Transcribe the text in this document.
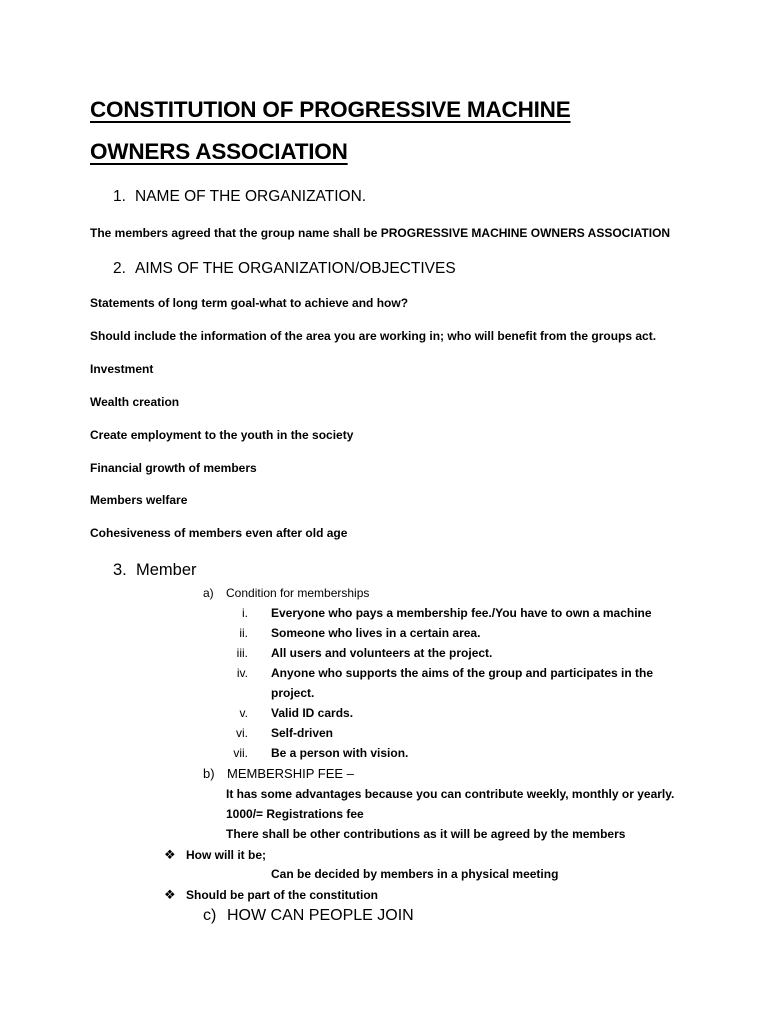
CONSTITUTION OF PROGRESSIVE MACHINE
OWNERS ASSOCIATION
1. NAME OF THE ORGANIZATION.
The members agreed that the group name shall be PROGRESSIVE MACHINE OWNERS ASSOCIATION
2. AIMS OF THE ORGANIZATION/OBJECTIVES
Statements of long term goal-what to achieve and how?
Should include the information of the area you are working in; who will benefit from the groups act.
Investment
Wealth creation
Create employment to the youth in the society
Financial growth of members
Members welfare
Cohesiveness of members even after old age
3. Member
a) Condition for memberships
i. Everyone who pays a membership fee./You have to own a machine
ii. Someone who lives in a certain area.
iii. All users and volunteers at the project.
iv. Anyone who supports the aims of the group and participates in the
project.
v. Valid ID cards.
vi. Self-driven
vii. Be a person with vision.
b) MEMBERSHIP FEE –
It has some advantages because you can contribute weekly, monthly or yearly.
1000/= Registrations fee
There shall be other contributions as it will be agreed by the members
❖ How will it be;
Can be decided by members in a physical meeting
❖ Should be part of the constitution
c) HOW CAN PEOPLE JOIN
